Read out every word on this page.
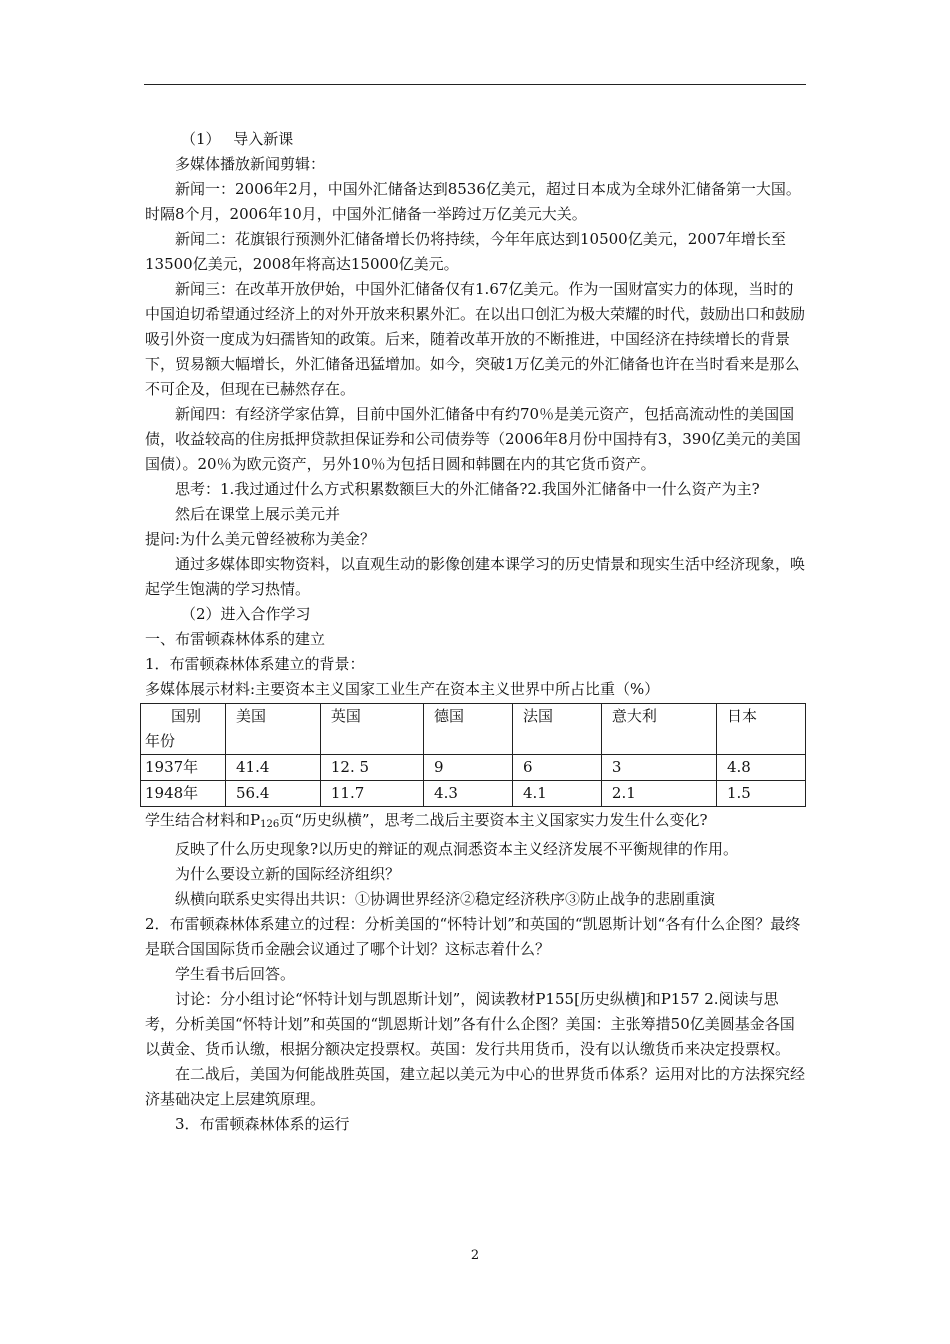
（1） 导入新课

多媒体播放新闻剪辑：

新闻一：2006年2月，中国外汇储备达到8536亿美元，超过日本成为全球外汇储备第一大国。时隔8个月，2006年10月，中国外汇储备一举跨过万亿美元大关。

新闻二：花旗银行预测外汇储备增长仍将持续，今年年底达到10500亿美元，2007年增长至13500亿美元，2008年将高达15000亿美元。

新闻三：在改革开放伊始，中国外汇储备仅有1.67亿美元。作为一国财富实力的体现，当时的中国迫切希望通过经济上的对外开放来积累外汇。在以出口创汇为极大荣耀的时代，鼓励出口和鼓励吸引外资一度成为妇孺皆知的政策。后来，随着改革开放的不断推进，中国经济在持续增长的背景下，贸易额大幅增长，外汇储备迅猛增加。如今，突破1万亿美元的外汇储备也许在当时看来是那么不可企及，但现在已赫然存在。

新闻四：有经济学家估算，目前中国外汇储备中有约70％是美元资产，包括高流动性的美国国债，收益较高的住房抵押贷款担保证券和公司债券等（2006年8月份中国持有3，390亿美元的美国国债）。20％为欧元资产，另外10％为包括日圆和韩圜在内的其它货币资产。

思考：1.我过通过什么方式积累数额巨大的外汇储备?2.我国外汇储备中一什么资产为主?

然后在课堂上展示美元并

提问:为什么美元曾经被称为美金？

通过多媒体即实物资料，以直观生动的影像创建本课学习的历史情景和现实生活中经济现象，唤起学生饱满的学习热情。

（2）进入合作学习

一、布雷顿森林体系的建立

1．布雷顿森林体系建立的背景：

多媒体展示材料:主要资本主义国家工业生产在资本主义世界中所占比重（%）

国别
年份	美国	英国	德国	法国	意大利	日本
1937年	41.4	12. 5	9	6	3	4.8
1948年	56.4	11.7	4.3	4.1	2.1	1.5

学生结合材料和$P_{126}$页“历史纵横”，思考二战后主要资本主义国家实力发生什么变化?

反映了什么历史现象?以历史的辩证的观点洞悉资本主义经济发展不平衡规律的作用。

为什么要设立新的国际经济组织？

纵横向联系史实得出共识：①协调世界经济②稳定经济秩序③防止战争的悲剧重演

2．布雷顿森林体系建立的过程：分析美国的“怀特计划”和英国的“凯恩斯计划“各有什么企图？最终是联合国国际货币金融会议通过了哪个计划？这标志着什么？

学生看书后回答。

讨论：分小组讨论“怀特计划与凯恩斯计划”，阅读教材P155[历史纵横]和P157 2.阅读与思考，分析美国“怀特计划”和英国的“凯恩斯计划”各有什么企图？美国：主张筹措50亿美圆基金各国以黄金、货币认缴，根据分额决定投票权。英国：发行共用货币，没有以认缴货币来决定投票权。

在二战后，美国为何能战胜英国，建立起以美元为中心的世界货币体系？运用对比的方法探究经济基础决定上层建筑原理。

3．布雷顿森林体系的运行

2
